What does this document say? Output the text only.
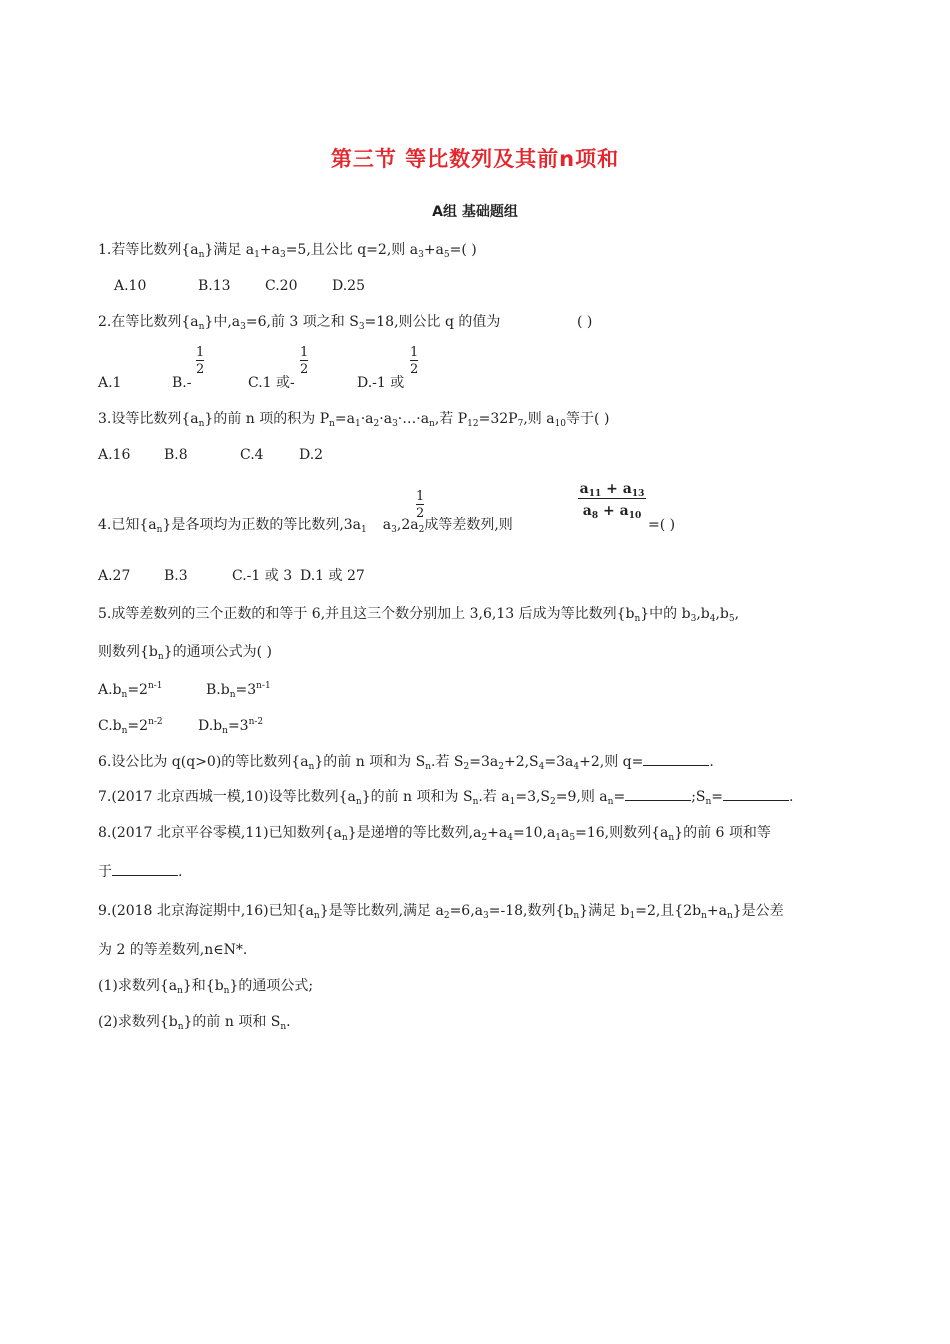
第三节 等比数列及其前n项和
A组 基础题组
1.若等比数列$\{a_n\}$满足 $a_1+a_3=5$,且公比 q=2,则 $a_3+a_5=$( )
A.10	B.13 C.20 D.25
2.在等比数列$\{a_n\}$中$,a_3=6$,前 3 项之和 $S_3=18$,则公比 q 的值为	( )
A.1	B.-
$\frac{1}{2}$
C.1 或-
$\frac{1}{2}$
D.-1 或
$\frac{1}{2}$
3.设等比数列$\{a_n\}$的前 n 项的积为 $P_n=a_1\cdot a_2\cdot a_3\cdot\dots\cdot a_n$,若 $P_{12}=32P_7$,则 $a_{10}$等于( )
A.16 B.8	C.4	D.2
4.已知$\{a_n\}$是各项均为正数的等比数列$,3a_1$ $a_3,2a_2$成等差数列,则
$\frac{1}{2}$
$a_{11} + a_{13}$
$a_8 + a_{10}$
=( )
A.27 B.3	C.-1 或 3 D.1 或 27
5.成等差数列的三个正数的和等于 6,并且这三个数分别加上 3,6,13 后成为等比数列$\{b_n\}$中的 $b_3,b_4,b_5$,
则数列$\{b_n\}$的通项公式为( )
$A.b_n=2^{n-1}$	$B.b_n=3^{n-1}$
$C.b_n=2^{n-2}$	$D.b_n=3^{n-2}$
6.设公比为 q(q>0)的等比数列$\{a_n\}$的前 n 项和为 $S_n$.若 $S_2=3a_2+2,S_4=3a_4+2$,则 q=	.
7.(2017 北京西城一模,10)设等比数列$\{a_n\}$的前 n 项和为 $S_n$.若 $a_1=3,S_2=9$,则 $a_n=$	$;S_n=$	.
8.(2017 北京平谷零模,11)已知数列$\{a_n\}$是递增的等比数列$,a_2+a_4=10,a_1a_5=16$,则数列$\{a_n\}$的前 6 项和等
于	.
9.(2018 北京海淀期中,16)已知$\{a_n\}$是等比数列,满足 $a_2=6,a_3=-18$,数列$\{b_n\}$满足 $b_1=2$,且$\{2b_n+a_n\}$是公差
为 2 的等差数列,n∈N*.
(1)求数列$\{a_n\}$和$\{b_n\}$的通项公式;
(2)求数列$\{b_n\}$的前 n 项和 $S_n$.
